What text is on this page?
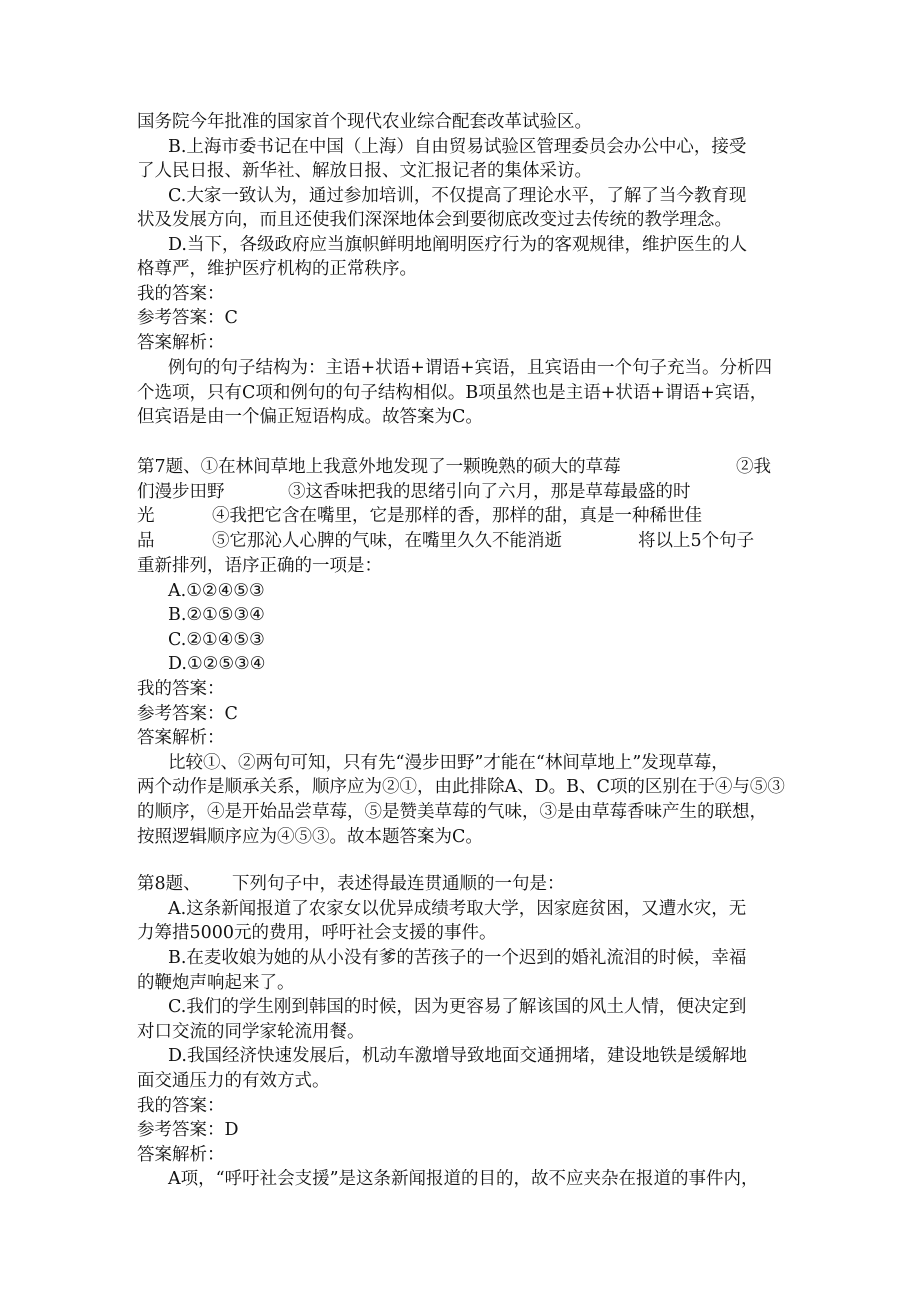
国务院今年批准的国家首个现代农业综合配套改革试验区。
B.上海市委书记在中国（上海）自由贸易试验区管理委员会办公中心，接受
了人民日报、新华社、解放日报、文汇报记者的集体采访。
C.大家一致认为，通过参加培训，不仅提高了理论水平，了解了当今教育现
状及发展方向，而且还使我们深深地体会到要彻底改变过去传统的教学理念。
D.当下，各级政府应当旗帜鲜明地阐明医疗行为的客观规律，维护医生的人
格尊严，维护医疗机构的正常秩序。
我的答案：
参考答案：C
答案解析：
例句的句子结构为：主语+状语+谓语+宾语，且宾语由一个句子充当。分析四
个选项，只有C项和例句的句子结构相似。B项虽然也是主语+状语+谓语+宾语，
但宾语是由一个偏正短语构成。故答案为C。
第7题、①在林间草地上我意外地发现了一颗晚熟的硕大的草莓	②我
们漫步田野	③这香味把我的思绪引向了六月，那是草莓最盛的时
光	④我把它含在嘴里，它是那样的香，那样的甜，真是一种稀世佳
品	⑤它那沁人心脾的气味，在嘴里久久不能消逝	将以上5个句子
重新排列，语序正确的一项是：
A.①②④⑤③
B.②①⑤③④
C.②①④⑤③
D.①②⑤③④
我的答案：
参考答案：C
答案解析：
比较①、②两句可知，只有先“漫步田野”才能在“林间草地上”发现草莓，
两个动作是顺承关系，顺序应为②①，由此排除A、D。B、C项的区别在于④与⑤③
的顺序，④是开始品尝草莓，⑤是赞美草莓的气味，③是由草莓香味产生的联想，
按照逻辑顺序应为④⑤③。故本题答案为C。
第8题、 下列句子中，表述得最连贯通顺的一句是：
A.这条新闻报道了农家女以优异成绩考取大学，因家庭贫困，又遭水灾，无
力筹措5000元的费用，呼吁社会支援的事件。
B.在麦收娘为她的从小没有爹的苦孩子的一个迟到的婚礼流泪的时候，幸福
的鞭炮声响起来了。
C.我们的学生刚到韩国的时候，因为更容易了解该国的风土人情，便决定到
对口交流的同学家轮流用餐。
D.我国经济快速发展后，机动车激增导致地面交通拥堵，建设地铁是缓解地
面交通压力的有效方式。
我的答案：
参考答案：D
答案解析：
A项，“呼吁社会支援”是这条新闻报道的目的，故不应夹杂在报道的事件内，
